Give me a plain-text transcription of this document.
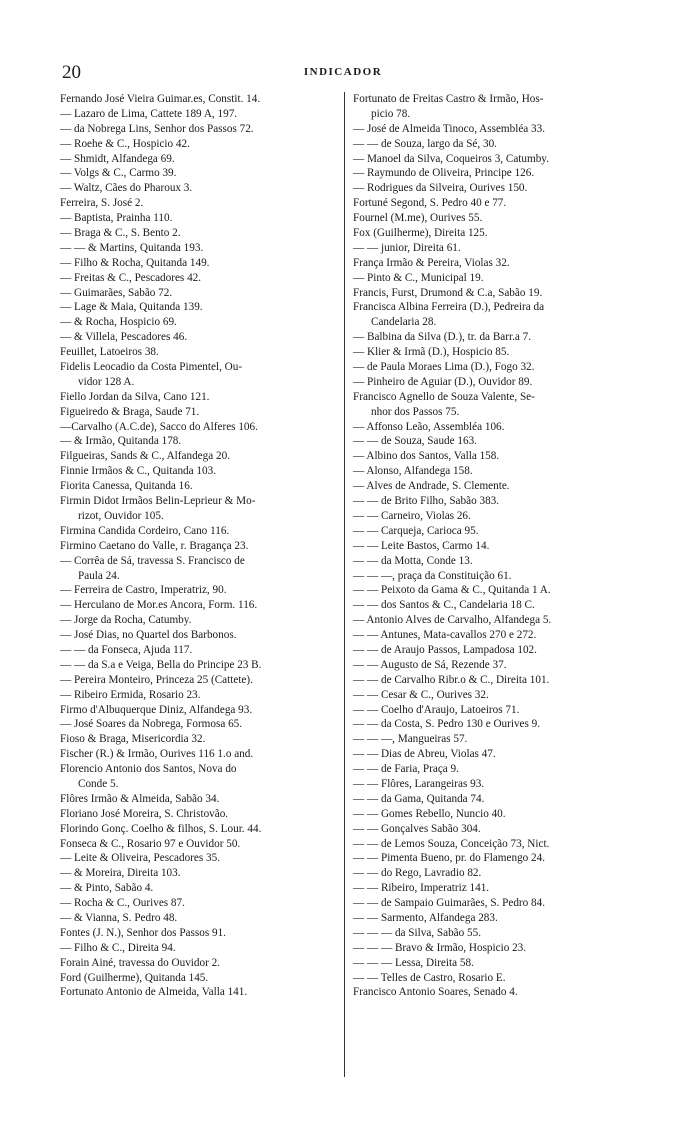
20	INDICADOR
Fernando José Vieira Guimar.es, Constit. 14.
— Lazaro de Lima, Cattete 189 A, 197.
— da Nobrega Lins, Senhor dos Passos 72.
— Roehe & C., Hospicio 42.
— Shmidt, Alfandega 69.
— Volgs & C., Carmo 39.
— Waltz, Cães do Pharoux 3.
Ferreira, S. José 2.
— Baptista, Prainha 110.
— Braga & C., S. Bento 2.
— — & Martins, Quitanda 193.
— Filho & Rocha, Quitanda 149.
— Freitas & C., Pescadores 42.
— Guimarães, Sabão 72.
— Lage & Maia, Quitanda 139.
— & Rocha, Hospicio 69.
— & Villela, Pescadores 46.
Feuillet, Latoeiros 38.
Fidelis Leocadio da Costa Pimentel, Ou-
vidor 128 A.
Fiello Jordan da Silva, Cano 121.
Figueiredo & Braga, Saude 71.
—Carvalho (A.C.de), Sacco do Alferes 106.
— & Irmão, Quitanda 178.
Filgueiras, Sands & C., Alfandega 20.
Finnie Irmãos & C., Quitanda 103.
Fiorita Canessa, Quitanda 16.
Firmin Didot Irmãos Belin-Leprieur & Mo-
rizot, Ouvidor 105.
Firmina Candida Cordeiro, Cano 116.
Firmino Caetano do Valle, r. Bragança 23.
— Corrêa de Sá, travessa S. Francisco de
Paula 24.
— Ferreira de Castro, Imperatriz, 90.
— Herculano de Mor.es Ancora, Form. 116.
— Jorge da Rocha, Catumby.
— José Dias, no Quartel dos Barbonos.
— — da Fonseca, Ajuda 117.
— — da S.a e Veiga, Bella do Principe 23 B.
— Pereira Monteiro, Princeza 25 (Cattete).
— Ribeiro Ermida, Rosario 23.
Firmo d'Albuquerque Diniz, Alfandega 93.
— José Soares da Nobrega, Formosa 65.
Fioso & Braga, Misericordia 32.
Fischer (R.) & Irmão, Ourives 116 1.o and.
Florencio Antonio dos Santos, Nova do
Conde 5.
Flôres Irmão & Almeida, Sabão 34.
Floriano José Moreira, S. Christovão.
Florindo Gonç. Coelho & filhos, S. Lour. 44.
Fonseca & C., Rosario 97 e Ouvidor 50.
— Leite & Oliveira, Pescadores 35.
— & Moreira, Direita 103.
— & Pinto, Sabão 4.
— Rocha & C., Ourives 87.
— & Vianna, S. Pedro 48.
Fontes (J. N.), Senhor dos Passos 91.
— Filho & C., Direita 94.
Forain Ainé, travessa do Ouvidor 2.
Ford (Guilherme), Quitanda 145.
Fortunato Antonio de Almeida, Valla 141.
Fortunato de Freitas Castro & Irmão, Hos-
picio 78.
— José de Almeida Tinoco, Assembléa 33.
— — de Souza, largo da Sé, 30.
— Manoel da Silva, Coqueiros 3, Catumby.
— Raymundo de Oliveira, Principe 126.
— Rodrigues da Silveira, Ourives 150.
Fortuné Segond, S. Pedro 40 e 77.
Fournel (M.me), Ourives 55.
Fox (Guilherme), Direita 125.
— — junior, Direita 61.
França Irmão & Pereira, Violas 32.
— Pinto & C., Municipal 19.
Francis, Furst, Drumond & C.a, Sabão 19.
Francisca Albina Ferreira (D.), Pedreira da
Candelaria 28.
— Balbina da Silva (D.), tr. da Barr.a 7.
— Klier & Irmã (D.), Hospicio 85.
— de Paula Moraes Lima (D.), Fogo 32.
— Pinheiro de Aguiar (D.), Ouvidor 89.
Francisco Agnello de Souza Valente, Se-
nhor dos Passos 75.
— Affonso Leão, Assembléa 106.
— — de Souza, Saude 163.
— Albino dos Santos, Valla 158.
— Alonso, Alfandega 158.
— Alves de Andrade, S. Clemente.
— — de Brito Filho, Sabão 383.
— — Carneiro, Violas 26.
— — Carqueja, Carioca 95.
— — Leite Bastos, Carmo 14.
— — da Motta, Conde 13.
— — —, praça da Constituição 61.
— — Peixoto da Gama & C., Quitanda 1 A.
— — dos Santos & C., Candelaria 18 C.
— Antonio Alves de Carvalho, Alfandega 5.
— — Antunes, Mata-cavallos 270 e 272.
— — de Araujo Passos, Lampadosa 102.
— — Augusto de Sá, Rezende 37.
— — de Carvalho Ribr.o & C., Direita 101.
— — Cesar & C., Ourives 32.
— — Coelho d'Araujo, Latoeiros 71.
— — da Costa, S. Pedro 130 e Ourives 9.
— — —, Mangueiras 57.
— — Dias de Abreu, Violas 47.
— — de Faria, Praça 9.
— — Flôres, Larangeiras 93.
— — da Gama, Quitanda 74.
— — Gomes Rebello, Nuncio 40.
— — Gonçalves Sabão 304.
— — de Lemos Souza, Conceição 73, Nict.
— — Pimenta Bueno, pr. do Flamengo 24.
— — do Rego, Lavradio 82.
— — Ribeiro, Imperatriz 141.
— — de Sampaio Guimarães, S. Pedro 84.
— — Sarmento, Alfandega 283.
— — — da Silva, Sabão 55.
— — — Bravo & Irmão, Hospicio 23.
— — — Lessa, Direita 58.
— — Telles de Castro, Rosario E.
Francisco Antonio Soares, Senado 4.
